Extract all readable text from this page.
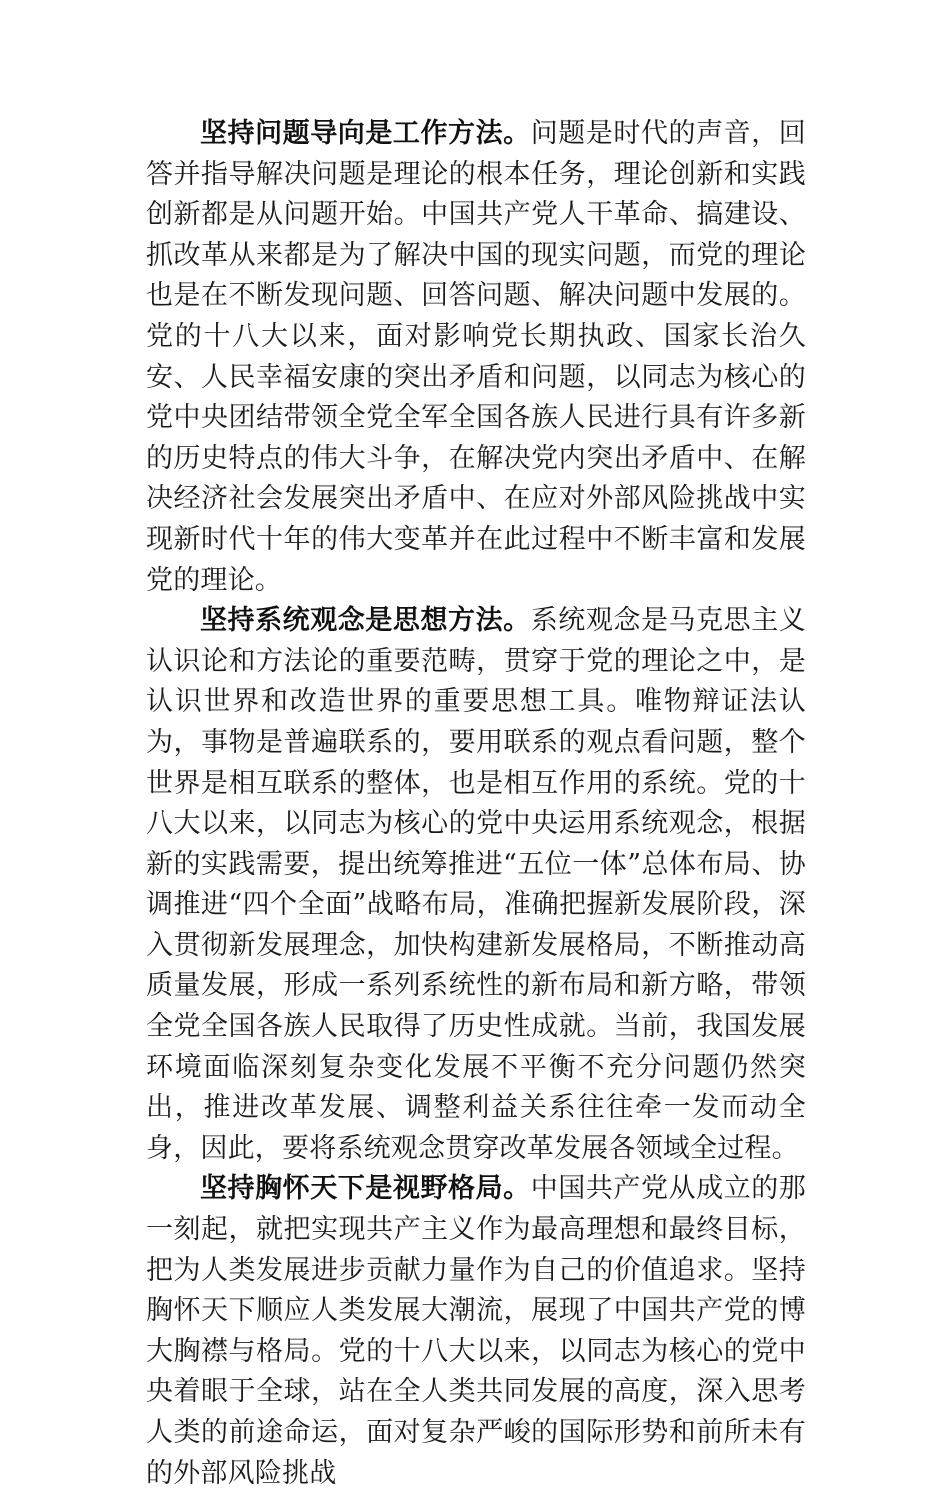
坚持问题导向是工作方法。问题是时代的声音，回答并指导解决问题是理论的根本任务，理论创新和实践创新都是从问题开始。中国共产党人干革命、搞建设、抓改革从来都是为了解决中国的现实问题，而党的理论也是在不断发现问题、回答问题、解决问题中发展的。党的十八大以来，面对影响党长期执政、国家长治久安、人民幸福安康的突出矛盾和问题，以同志为核心的党中央团结带领全党全军全国各族人民进行具有许多新的历史特点的伟大斗争，在解决党内突出矛盾中、在解决经济社会发展突出矛盾中、在应对外部风险挑战中实现新时代十年的伟大变革并在此过程中不断丰富和发展党的理论。

坚持系统观念是思想方法。系统观念是马克思主义认识论和方法论的重要范畴，贯穿于党的理论之中，是认识世界和改造世界的重要思想工具。唯物辩证法认为，事物是普遍联系的，要用联系的观点看问题，整个世界是相互联系的整体，也是相互作用的系统。党的十八大以来，以同志为核心的党中央运用系统观念，根据新的实践需要，提出统筹推进“五位一体”总体布局、协调推进“四个全面”战略布局，准确把握新发展阶段，深入贯彻新发展理念，加快构建新发展格局，不断推动高质量发展，形成一系列系统性的新布局和新方略，带领全党全国各族人民取得了历史性成就。当前，我国发展环境面临深刻复杂变化发展不平衡不充分问题仍然突出，推进改革发展、调整利益关系往往牵一发而动全身，因此，要将系统观念贯穿改革发展各领域全过程。

坚持胸怀天下是视野格局。中国共产党从成立的那一刻起，就把实现共产主义作为最高理想和最终目标，把为人类发展进步贡献力量作为自己的价值追求。坚持胸怀天下顺应人类发展大潮流，展现了中国共产党的博大胸襟与格局。党的十八大以来，以同志为核心的党中央着眼于全球，站在全人类共同发展的高度，深入思考人类的前途命运，面对复杂严峻的国际形势和前所未有的外部风险挑战
